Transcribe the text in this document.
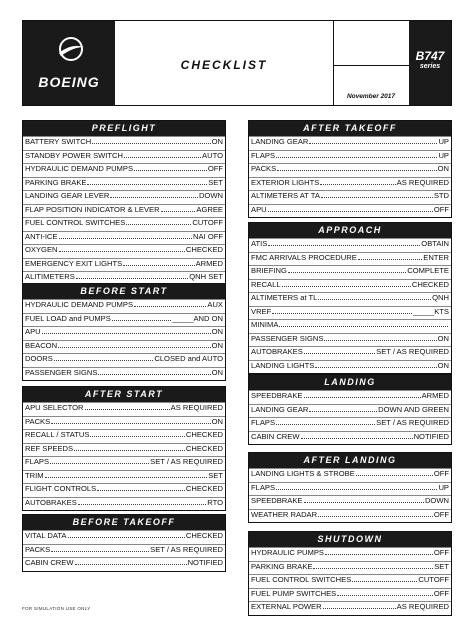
BOEING
CHECKLIST
November 2017
B747
series
PREFLIGHT
BATTERY SWITCH	ON
STANDBY POWER SWITCH	AUTO
HYDRAULIC DEMAND PUMPS	OFF
PARKING BRAKE	SET
LANDING GEAR LEVER	DOWN
FLAP POSITION INDICATOR & LEVER	AGREE
FUEL CONTROL SWITCHES	CUTOFF
ANTI-ICE	NAI OFF
OXYGEN	CHECKED
EMERGENCY EXIT LIGHTS	ARMED
ALITIMETERS	QNH SET
BEFORE START
HYDRAULIC DEMAND PUMPS	AUX
FUEL LOAD and PUMPS	_____AND ON
APU	ON
BEACON	ON
DOORS	CLOSED and AUTO
PASSENGER SIGNS	ON
AFTER START
APU SELECTOR	AS REQUIRED
PACKS	ON
RECALL / STATUS	CHECKED
REF SPEEDS	CHECKED
FLAPS	SET / AS REQUIRED
TRIM	SET
FLIGHT CONTROLS	CHECKED
AUTOBRAKES	RTO
BEFORE TAKEOFF
VITAL DATA	CHECKED
PACKS	SET / AS REQUIRED
CABIN CREW	NOTIFIED
AFTER TAKEOFF
LANDING GEAR	UP
FLAPS	UP
PACKS	ON
EXTERIOR LIGHTS	AS REQUIRED
ALTIMETERS AT TA	STD
APU	OFF
APPROACH
ATIS	OBTAIN
FMC ARRIVALS PROCEDURE	ENTER
BRIEFING	COMPLETE
RECALL	CHECKED
ALTIMETERS at TL	QNH
VREF	_____KTS
MINIMA
PASSENGER SIGNS	ON
AUTOBRAKES	SET / AS REQUIRED
LANDING LIGHTS	ON
LANDING
SPEEDBRAKE	ARMED
LANDING GEAR	DOWN AND GREEN
FLAPS	SET / AS REQUIRED
CABIN CREW	NOTIFIED
AFTER LANDING
LANDING LIGHTS & STROBE	OFF
FLAPS	UP
SPEEDBRAKE	DOWN
WEATHER RADAR	OFF
SHUTDOWN
HYDRAULIC PUMPS	OFF
PARKING BRAKE	SET
FUEL CONTROL SWITCHES	CUTOFF
FUEL PUMP SWITCHES	OFF
EXTERNAL POWER	AS REQUIRED
FOR SIMULATION USE ONLY
